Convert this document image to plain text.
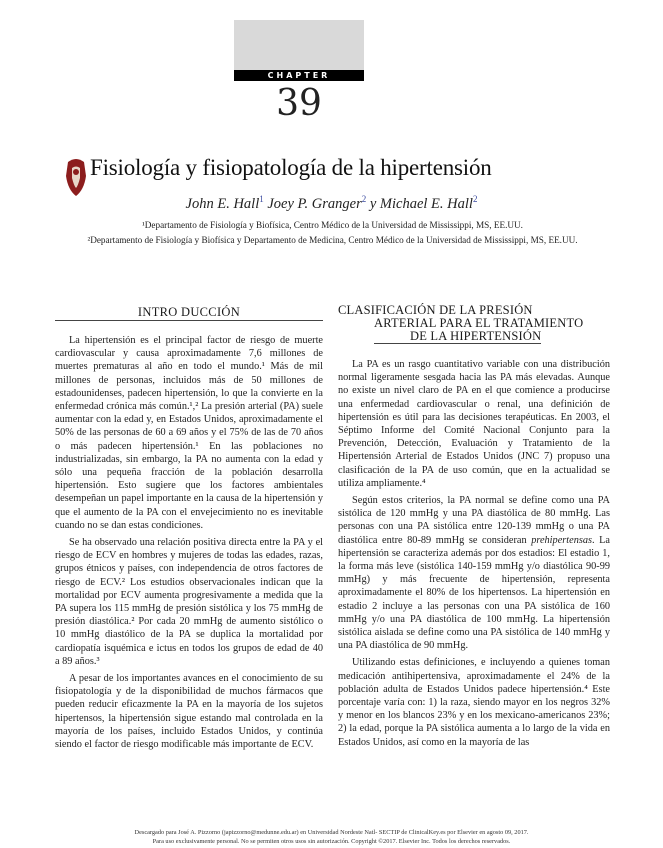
CHAPTER
39
Fisiología y fisiopatología de la hipertensión
John E. Hall$^1$ Joey P. Granger$^2$ y Michael E. Hall$^2$
¹Departamento de Fisiología y Biofísica, Centro Médico de la Universidad de Mississippi, MS, EE.UU.
²Departamento de Fisiología y Biofísica y Departamento de Medicina, Centro Médico de la Universidad de Mississippi, MS, EE.UU.
INTRO DUCCIÓN

La hipertensión es el principal factor de riesgo de muerte cardiovascular y causa aproximadamente 7,6 millones de muertes prematuras al año en todo el mundo.¹ Más de mil millones de personas, incluidos más de 50 millones de estadounidenses, padecen hipertensión, lo que la convierte en la enfermedad crónica más común.¹,² La presión arterial (PA) suele aumentar con la edad y, en Estados Unidos, aproximadamente el 50% de las personas de 60 a 69 años y el 75% de las de 70 años o más padecen hipertensión.¹ En las poblaciones no industrializadas, sin embargo, la PA no aumenta con la edad y sólo una pequeña fracción de la población desarrolla hipertensión. Esto sugiere que los factores ambientales desempeñan un papel importante en la causa de la hipertensión y que el aumento de la PA con el envejecimiento no es inevitable cuando no se dan estas condiciones.

Se ha observado una relación positiva directa entre la PA y el riesgo de ECV en hombres y mujeres de todas las edades, razas, grupos étnicos y países, con independencia de otros factores de riesgo de ECV.² Los estudios observacionales indican que la mortalidad por ECV aumenta progresivamente a medida que la PA supera los 115 mmHg de presión sistólica y los 75 mmHg de presión diastólica.² Por cada 20 mmHg de aumento sistólico o 10 mmHg diastólico de la PA se duplica la mortalidad por cardiopatía isquémica e ictus en todos los grupos de edad de 40 a 89 años.³

A pesar de los importantes avances en el conocimiento de su fisiopatología y de la disponibilidad de muchos fármacos que pueden reducir eficazmente la PA en la mayoría de los sujetos hipertensos, la hipertensión sigue estando mal controlada en la mayoría de los países, incluido Estados Unidos, y continúa siendo el factor de riesgo modificable más importante de ECV.

CLASIFICACIÓN DE LA PRESIÓN
ARTERIAL PARA EL TRATAMIENTO
DE LA HIPERTENSIÓN

La PA es un rasgo cuantitativo variable con una distribución normal ligeramente sesgada hacia las PA más elevadas. Aunque no existe un nivel claro de PA en el que comience a producirse una enfermedad cardiovascular o renal, una definición de hipertensión es útil para las decisiones terapéuticas. En 2003, el Séptimo Informe del Comité Nacional Conjunto para la Prevención, Detección, Evaluación y Tratamiento de la Hipertensión Arterial de Estados Unidos (JNC 7) propuso una clasificación de la PA de uso común, que en la actualidad se utiliza ampliamente.⁴

Según estos criterios, la PA normal se define como una PA sistólica de 120 mmHg y una PA diastólica de 80 mmHg. Las personas con una PA sistólica entre 120-139 mmHg o una PA diastólica entre 80-89 mmHg se consideran prehipertensas. La hipertensión se caracteriza además por dos estadios: El estadio 1, la forma más leve (sistólica 140-159 mmHg y/o diastólica 90-99 mmHg) y más frecuente de hipertensión, representa aproximadamente el 80% de los hipertensos. La hipertensión en estadio 2 incluye a las personas con una PA sistólica de 160 mmHg y/o una PA diastólica de 100 mmHg. La hipertensión sistólica aislada se define como una PA sistólica de 140 mmHg y una PA diastólica de 90 mmHg.

Utilizando estas definiciones, e incluyendo a quienes toman medicación antihipertensiva, aproximadamente el 24% de la población adulta de Estados Unidos padece hipertensión.⁴ Este porcentaje varía con: 1) la raza, siendo mayor en los negros 32% y menor en los blancos 23% y en los mexicano-americanos 23%; 2) la edad, porque la PA sistólica aumenta a lo largo de la vida en Estados Unidos, así como en la mayoría de las

Descargado para José A. Pizzorno (japizzorno@medunne.edu.ar) en Universidad Nordeste Natl- SECTIP de ClinicalKey.es por Elsevier en agosto 09, 2017.
Para uso exclusivamente personal. No se permiten otros usos sin autorización. Copyright ©2017. Elsevier Inc. Todos los derechos reservados.
